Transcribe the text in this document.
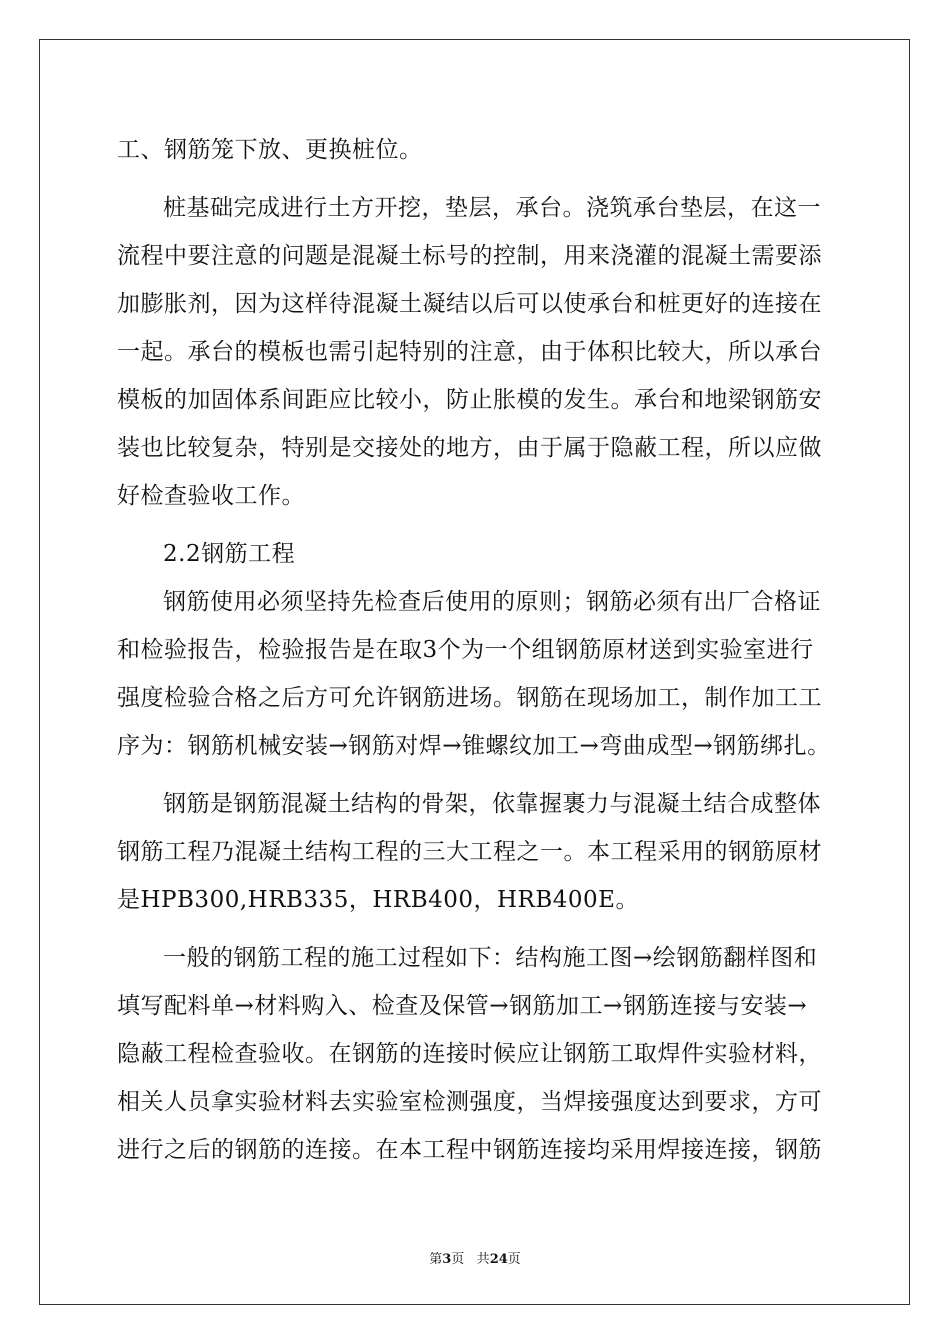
工、钢筋笼下放、更换桩位。
桩基础完成进行土方开挖，垫层，承台。浇筑承台垫层，在这一
流程中要注意的问题是混凝土标号的控制，用来浇灌的混凝土需要添
加膨胀剂，因为这样待混凝土凝结以后可以使承台和桩更好的连接在
一起。承台的模板也需引起特别的注意，由于体积比较大，所以承台
模板的加固体系间距应比较小，防止胀模的发生。承台和地梁钢筋安
装也比较复杂，特别是交接处的地方，由于属于隐蔽工程，所以应做
好检查验收工作。
2.2钢筋工程
钢筋使用必须坚持先检查后使用的原则；钢筋必须有出厂合格证
和检验报告，检验报告是在取3个为一个组钢筋原材送到实验室进行
强度检验合格之后方可允许钢筋进场。钢筋在现场加工，制作加工工
序为：钢筋机械安装→钢筋对焊→锥螺纹加工→弯曲成型→钢筋绑扎。
钢筋是钢筋混凝土结构的骨架，依靠握裹力与混凝土结合成整体
钢筋工程乃混凝土结构工程的三大工程之一。本工程采用的钢筋原材
是HPB300,HRB335，HRB400，HRB400E。
一般的钢筋工程的施工过程如下：结构施工图→绘钢筋翻样图和
填写配料单→材料购入、检查及保管→钢筋加工→钢筋连接与安装→
隐蔽工程检查验收。在钢筋的连接时候应让钢筋工取焊件实验材料，
相关人员拿实验材料去实验室检测强度，当焊接强度达到要求，方可
进行之后的钢筋的连接。在本工程中钢筋连接均采用焊接连接，钢筋
第3页 共24页
